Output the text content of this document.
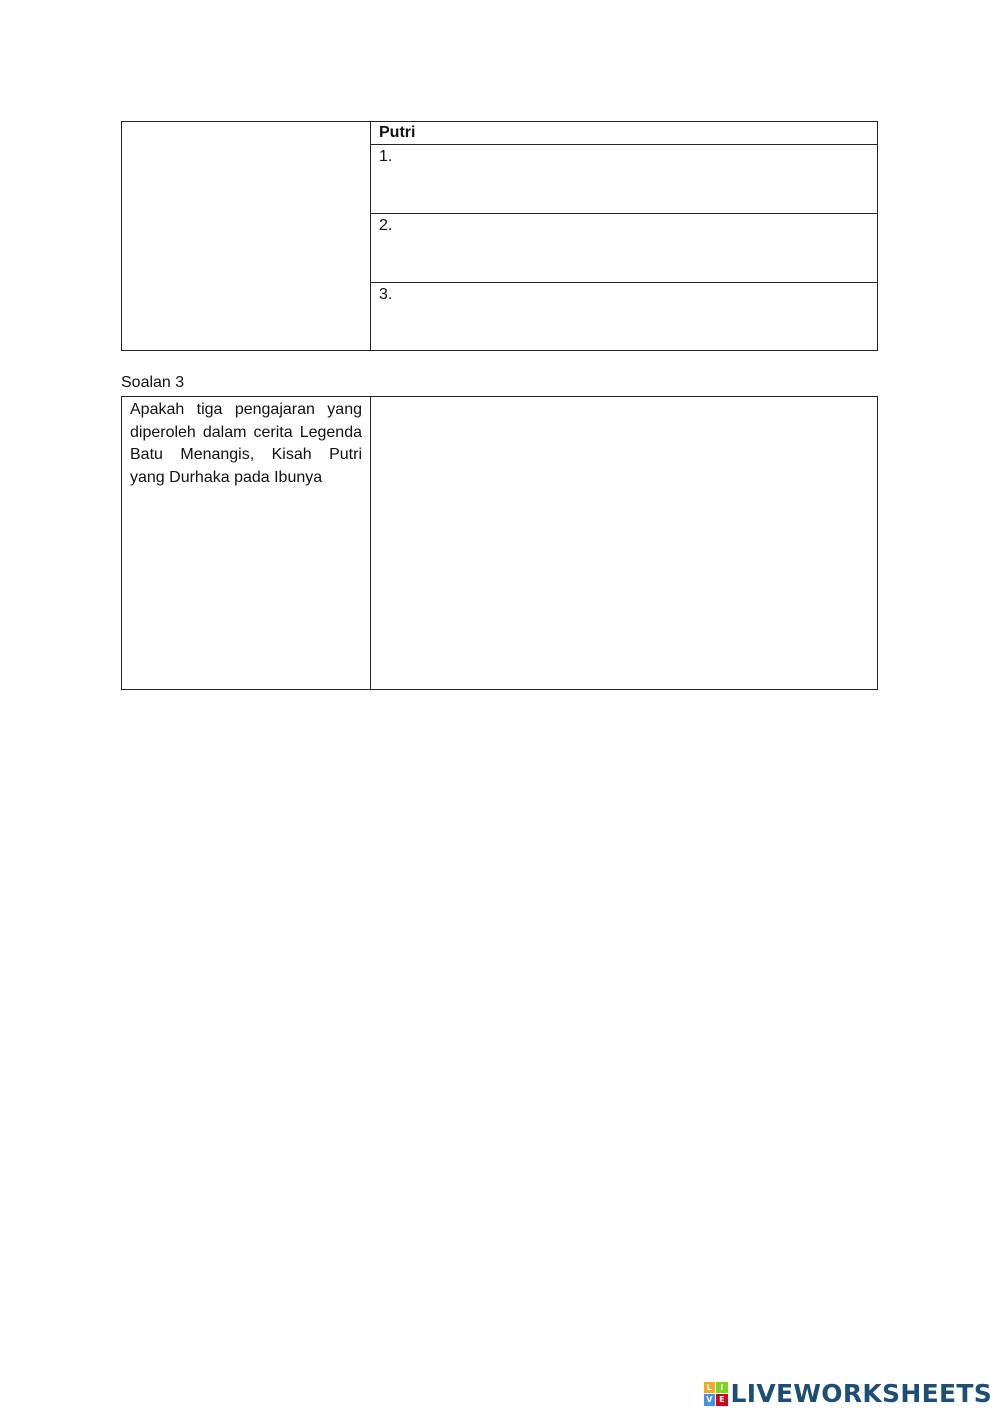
	Putri
1.
2.
3.
Soalan 3
Apakah tiga pengajaran yang diperoleh dalam cerita Legenda Batu Menangis, Kisah Putri yang Durhaka pada Ibunya	
L	I
V E LIVEWORKSHEETS
